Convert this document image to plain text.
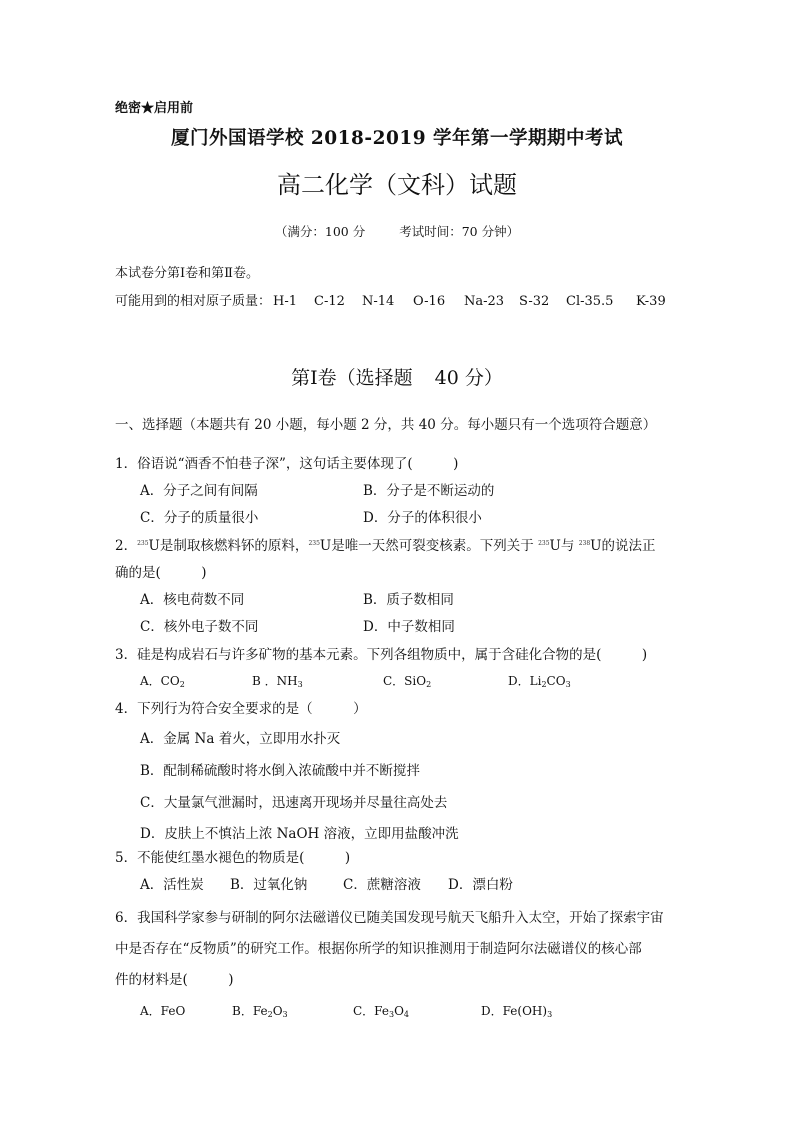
绝密★启用前
厦门外国语学校 2018-2019 学年第一学期期中考试
高二化学（文科）试题
（满分：100 分	考试时间：70 分钟）
本试卷分第Ⅰ卷和第Ⅱ卷。
可能用到的相对原子质量： H-1 C-12 N-14 O-16 Na-23 S-32 Cl-35.5 K-39
第Ⅰ卷（选择题 40 分）
一、选择题（本题共有 20 小题，每小题 2 分，共 40 分。每小题只有一个选项符合题意）
1．俗语说“酒香不怕巷子深”，这句话主要体现了(　　　)
A．分子之间有间隔	B．分子是不断运动的
C．分子的质量很小	D．分子的体积很小
2．$^{235}$U是制取核燃料钚的原料，$^{235}$U是唯一天然可裂变核素。下列关于 $^{235}$U与 $^{238}$U的说法正
确的是(　　　)
A．核电荷数不同	B．质子数相同
C．核外电子数不同	D．中子数相同
3．硅是构成岩石与许多矿物的基本元素。下列各组物质中，属于含硅化合物的是(　　　)
A．$CO_2$	B ．$NH_3$	C．SiO$_2$	D．$Li_2CO_3$
4．下列行为符合安全要求的是（　　　）
A．金属 Na 着火，立即用水扑灭
B．配制稀硫酸时将水倒入浓硫酸中并不断搅拌
C．大量氯气泄漏时，迅速离开现场并尽量往高处去
D．皮肤上不慎沾上浓 NaOH 溶液，立即用盐酸冲洗
5．不能使红墨水褪色的物质是(　　　)
A．活性炭 B．过氧化钠	C．蔗糖溶液 D．漂白粉
6．我国科学家参与研制的阿尔法磁谱仪已随美国发现号航天飞船升入太空，开始了探索宇宙
中是否存在“反物质”的研究工作。根据你所学的知识推测用于制造阿尔法磁谱仪的核心部
件的材料是(　　　)
A．FeO	B．$Fe_2O_3$	C．$Fe_3O_4$	D．$Fe(OH)_3$
